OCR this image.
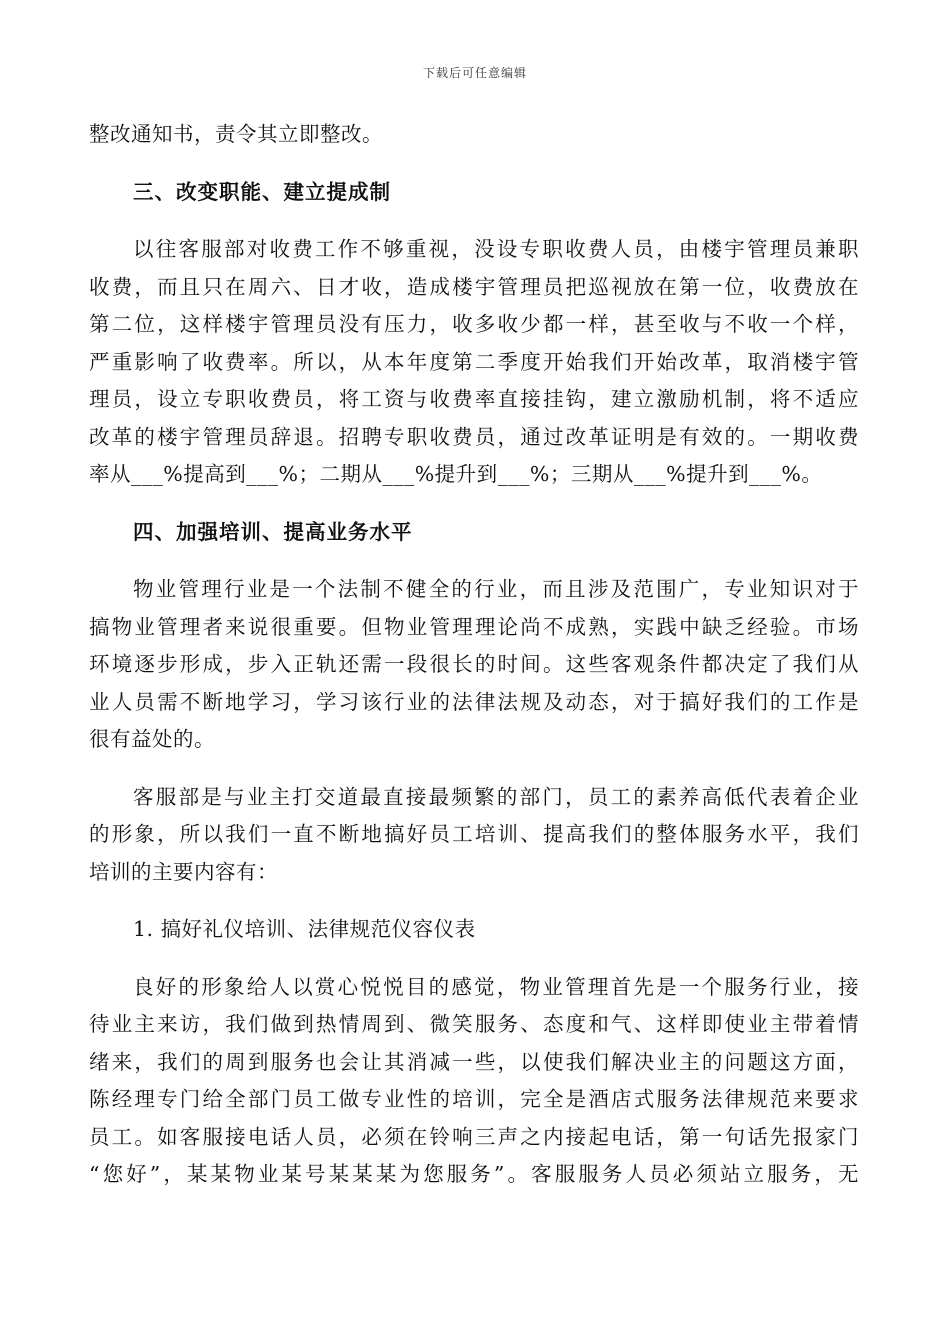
下载后可任意编辑
整改通知书，责令其立即整改。
三、改变职能、建立提成制
以往客服部对收费工作不够重视，没设专职收费人员，由楼宇管理员兼职
收费，而且只在周六、日才收，造成楼宇管理员把巡视放在第一位，收费放在
第二位，这样楼宇管理员没有压力，收多收少都一样，甚至收与不收一个样，
严重影响了收费率。所以，从本年度第二季度开始我们开始改革，取消楼宇管
理员，设立专职收费员，将工资与收费率直接挂钩，建立激励机制，将不适应
改革的楼宇管理员辞退。招聘专职收费员，通过改革证明是有效的。一期收费
率从___%提高到___%；二期从___%提升到___%；三期从___%提升到___%。
四、加强培训、提高业务水平
物业管理行业是一个法制不健全的行业，而且涉及范围广，专业知识对于
搞物业管理者来说很重要。但物业管理理论尚不成熟，实践中缺乏经验。市场
环境逐步形成，步入正轨还需一段很长的时间。这些客观条件都决定了我们从
业人员需不断地学习，学习该行业的法律法规及动态，对于搞好我们的工作是
很有益处的。
客服部是与业主打交道最直接最频繁的部门，员工的素养高低代表着企业
的形象，所以我们一直不断地搞好员工培训、提高我们的整体服务水平，我们
培训的主要内容有：
1. 搞好礼仪培训、法律规范仪容仪表
良好的形象给人以赏心悦悦目的感觉，物业管理首先是一个服务行业，接
待业主来访，我们做到热情周到、微笑服务、态度和气、这样即使业主带着情
绪来，我们的周到服务也会让其消减一些，以使我们解决业主的问题这方面，
陈经理专门给全部门员工做专业性的培训，完全是酒店式服务法律规范来要求
员工。如客服接电话人员，必须在铃响三声之内接起电话，第一句话先报家门
“您好”，某某物业某号某某某为您服务”。客服服务人员必须站立服务，无
